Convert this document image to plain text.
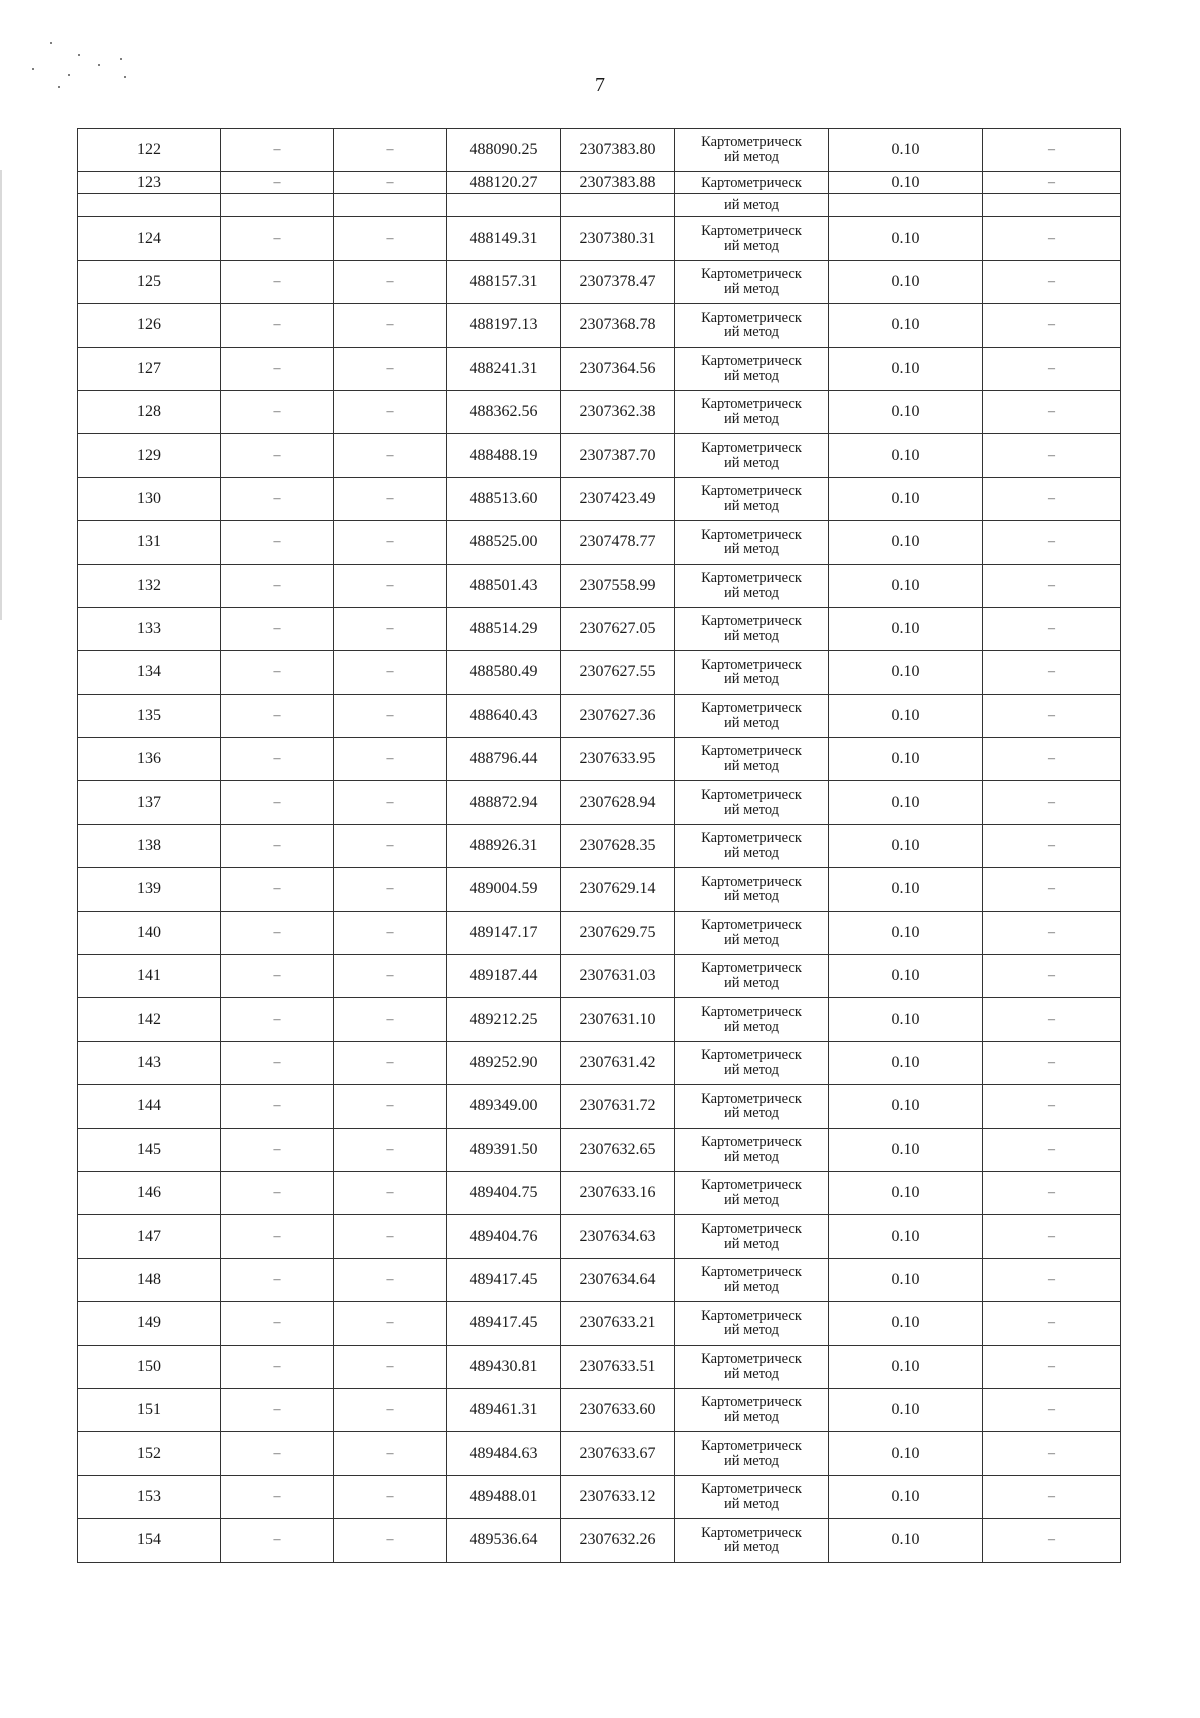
7
122	–	–	488090.25	2307383.80	Картометрическ
ий метод	0.10	–
123	–	–	488120.27	2307383.88	Картометрическ	0.10	–
					ий метод		
124	–	–	488149.31	2307380.31	Картометрическ
ий метод	0.10	–
125	–	–	488157.31	2307378.47	Картометрическ
ий метод	0.10	–
126	–	–	488197.13	2307368.78	Картометрическ
ий метод	0.10	–
127	–	–	488241.31	2307364.56	Картометрическ
ий метод	0.10	–
128	–	–	488362.56	2307362.38	Картометрическ
ий метод	0.10	–
129	–	–	488488.19	2307387.70	Картометрическ
ий метод	0.10	–
130	–	–	488513.60	2307423.49	Картометрическ
ий метод	0.10	–
131	–	–	488525.00	2307478.77	Картометрическ
ий метод	0.10	–
132	–	–	488501.43	2307558.99	Картометрическ
ий метод	0.10	–
133	–	–	488514.29	2307627.05	Картометрическ
ий метод	0.10	–
134	–	–	488580.49	2307627.55	Картометрическ
ий метод	0.10	–
135	–	–	488640.43	2307627.36	Картометрическ
ий метод	0.10	–
136	–	–	488796.44	2307633.95	Картометрическ
ий метод	0.10	–
137	–	–	488872.94	2307628.94	Картометрическ
ий метод	0.10	–
138	–	–	488926.31	2307628.35	Картометрическ
ий метод	0.10	–
139	–	–	489004.59	2307629.14	Картометрическ
ий метод	0.10	–
140	–	–	489147.17	2307629.75	Картометрическ
ий метод	0.10	–
141	–	–	489187.44	2307631.03	Картометрическ
ий метод	0.10	–
142	–	–	489212.25	2307631.10	Картометрическ
ий метод	0.10	–
143	–	–	489252.90	2307631.42	Картометрическ
ий метод	0.10	–
144	–	–	489349.00	2307631.72	Картометрическ
ий метод	0.10	–
145	–	–	489391.50	2307632.65	Картометрическ
ий метод	0.10	–
146	–	–	489404.75	2307633.16	Картометрическ
ий метод	0.10	–
147	–	–	489404.76	2307634.63	Картометрическ
ий метод	0.10	–
148	–	–	489417.45	2307634.64	Картометрическ
ий метод	0.10	–
149	–	–	489417.45	2307633.21	Картометрическ
ий метод	0.10	–
150	–	–	489430.81	2307633.51	Картометрическ
ий метод	0.10	–
151	–	–	489461.31	2307633.60	Картометрическ
ий метод	0.10	–
152	–	–	489484.63	2307633.67	Картометрическ
ий метод	0.10	–
153	–	–	489488.01	2307633.12	Картометрическ
ий метод	0.10	–
154	–	–	489536.64	2307632.26	Картометрическ
ий метод	0.10	–
